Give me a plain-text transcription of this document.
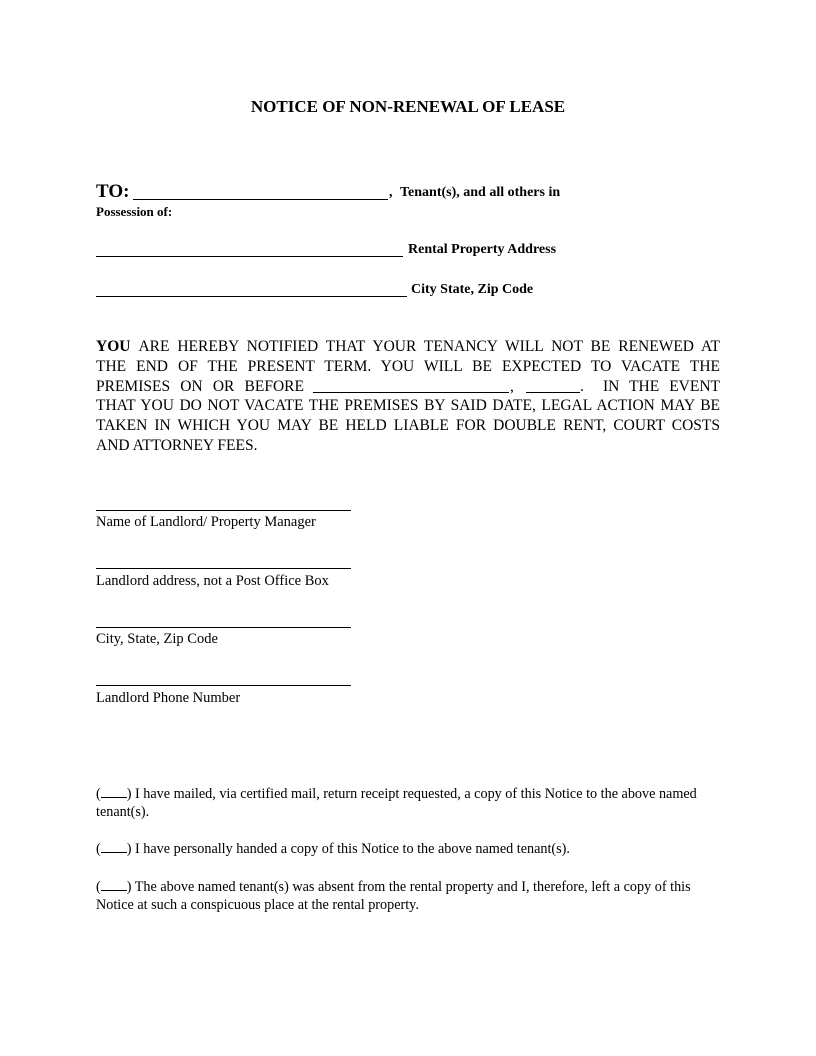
NOTICE OF NON-RENEWAL OF LEASE
TO:	, Tenant(s), and all others in
Possession of:
Rental Property Address
City State, Zip Code
YOU ARE HEREBY NOTIFIED THAT YOUR TENANCY WILL NOT BE RENEWED AT
THE END OF THE PRESENT TERM. YOU WILL BE EXPECTED TO VACATE THE
PREMISES ON OR BEFORE	,	. IN THE EVENT
THAT YOU DO NOT VACATE THE PREMISES BY SAID DATE, LEGAL ACTION MAY BE
TAKEN IN WHICH YOU MAY BE HELD LIABLE FOR DOUBLE RENT, COURT COSTS
AND ATTORNEY FEES.
Name of Landlord/ Property Manager
Landlord address, not a Post Office Box
City, State, Zip Code
Landlord Phone Number
( ) I have mailed, via certified mail, return receipt requested, a copy of this Notice to the above named tenant(s).
( ) I have personally handed a copy of this Notice to the above named tenant(s).
( ) The above named tenant(s) was absent from the rental property and I, therefore, left a copy of this Notice at such a conspicuous place at the rental property.
